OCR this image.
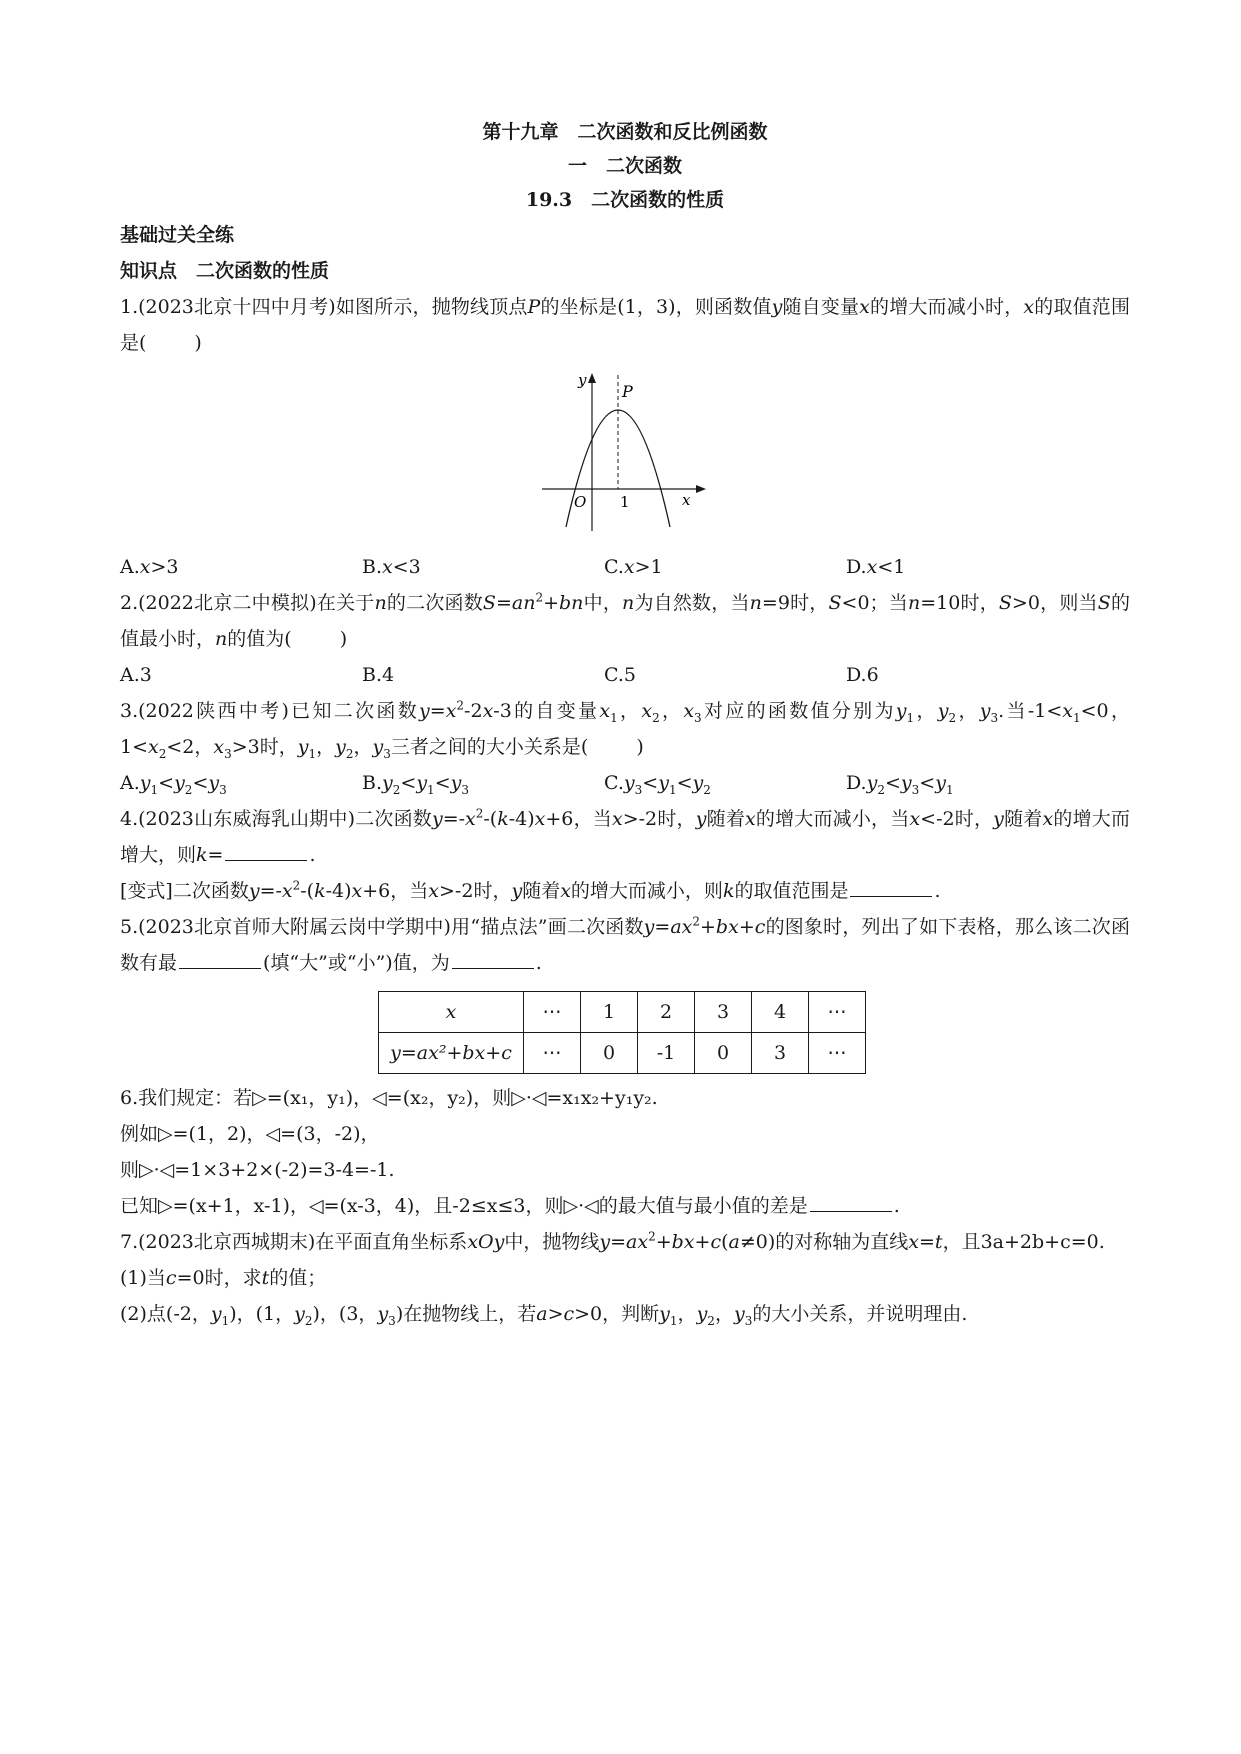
第十九章　二次函数和反比例函数

一　二次函数

19.3　二次函数的性质

基础过关全练

知识点　二次函数的性质

1.(2023北京十四中月考)如图所示，抛物线顶点P的坐标是(1，3)，则函数值y随自变量x的增大而减小时，x的取值范围是(	)

y
P
O 1	x
A.x>3	B.x<3	C.x>1	D.x<1

2.(2022北京二中模拟)在关于n的二次函数$S=an^2+bn$中，n为自然数，当n=9时，S<0；当n=10时，S>0，则当S的值最小时，n的值为(	)

A.3	B.4	C.5	D.6

3.(2022陕西中考)已知二次函数$y=x^2-2x-3$的自变量$x_1$，$x_2$，$x_3$对应的函数值分别为$y_1$，$y_2$，$y_3$.当$-1<x_1<0$，$1<x_2<2$，$x_3>3$时，$y_1$，$y_2$，$y_3$三者之间的大小关系是(	)

$A.y_1<y_2<y_3$	$B.y_2<y_1<y_3$	$C.y_3<y_1<y_2$	$D.y_2<y_3<y_1$

4.(2023山东威海乳山期中)二次函数$y=-x^2-(k-4)x+6$，当x>-2时，y随着x的增大而减小，当x<-2时，y随着x的增大而增大，则k=	.

[变式]二次函数$y=-x^2-(k-4)x+6$，当x>-2时，y随着x的增大而减小，则k的取值范围是	.

5.(2023北京首师大附属云岗中学期中)用“描点法”画二次函数$y=ax^2+bx+c$的图象时，列出了如下表格，那么该二次函数有最	(填“大”或“小”)值，为	.

x	⋯	1	2	3	4	⋯
y=ax²+bx+c	⋯	0	-1	0	3	⋯

6.我们规定：若▷=(x₁，y₁)，◁=(x₂，y₂)，则▷·◁=x₁x₂+y₁y₂.

例如▷=(1，2)，◁=(3，-2)，

则▷·◁=1×3+2×(-2)=3-4=-1.

已知▷=(x+1，x-1)，◁=(x-3，4)，且-2≤x≤3，则▷·◁的最大值与最小值的差是	.

7.(2023北京西城期末)在平面直角坐标系xOy中，抛物线$y=ax^2+bx+c(a\ne 0)$的对称轴为直线x=t，且3a+2b+c=0.

(1)当c=0时，求t的值；

(2)点(-2，$y_1$)，(1，$y_2$)，(3，$y_3$)在抛物线上，若a>c>0，判断$y_1$，$y_2$，$y_3$的大小关系，并说明理由.
